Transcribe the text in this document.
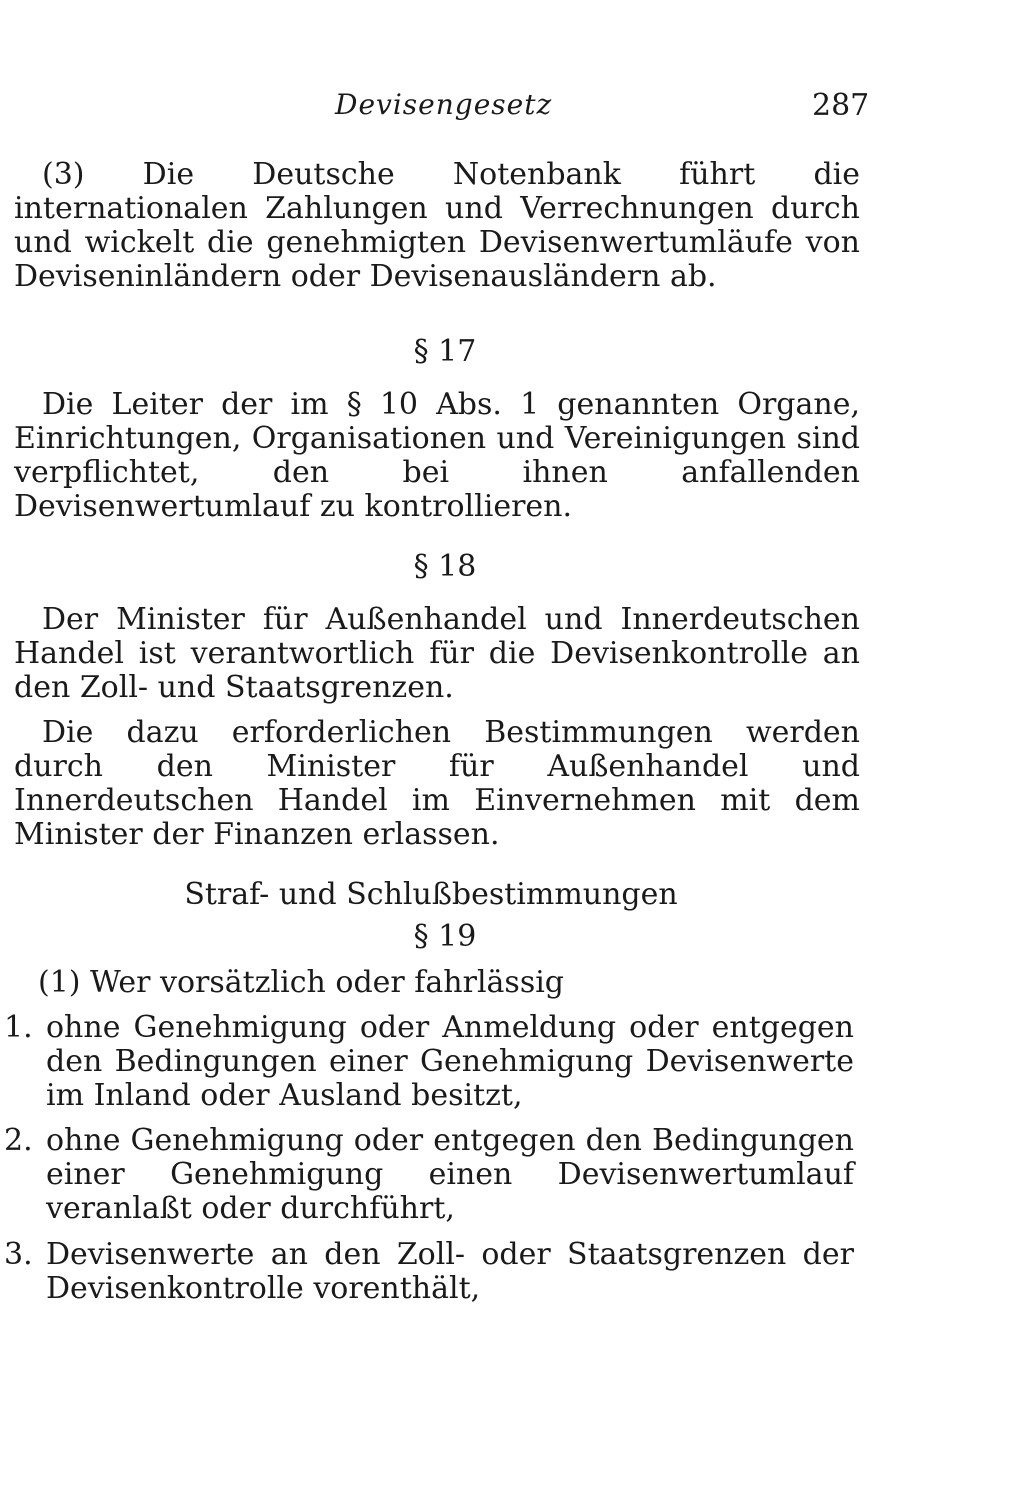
Devisengesetz	287
(3) Die Deutsche Notenbank führt die internationalen Zahlungen und Verrechnungen durch und wickelt die genehmigten Devisenwertumläufe von Deviseninländern oder Devisenausländern ab.
§ 17
Die Leiter der im § 10 Abs. 1 genannten Organe, Einrichtungen, Organisationen und Vereinigungen sind verpflichtet, den bei ihnen anfallenden Devisenwertumlauf zu kontrollieren.
§ 18
Der Minister für Außenhandel und Innerdeutschen Handel ist verantwortlich für die Devisenkontrolle an den Zoll- und Staatsgrenzen.
Die dazu erforderlichen Bestimmungen werden durch den Minister für Außenhandel und Innerdeutschen Handel im Einvernehmen mit dem Minister der Finanzen erlassen.
Straf- und Schlußbestimmungen
§ 19
(1) Wer vorsätzlich oder fahrlässig
1. ohne Genehmigung oder Anmeldung oder entgegen den Bedingungen einer Genehmigung Devisenwerte im Inland oder Ausland besitzt,
2. ohne Genehmigung oder entgegen den Bedingungen einer Genehmigung einen Devisenwertumlauf veranlaßt oder durchführt,
3. Devisenwerte an den Zoll- oder Staatsgrenzen der Devisenkontrolle vorenthält,
